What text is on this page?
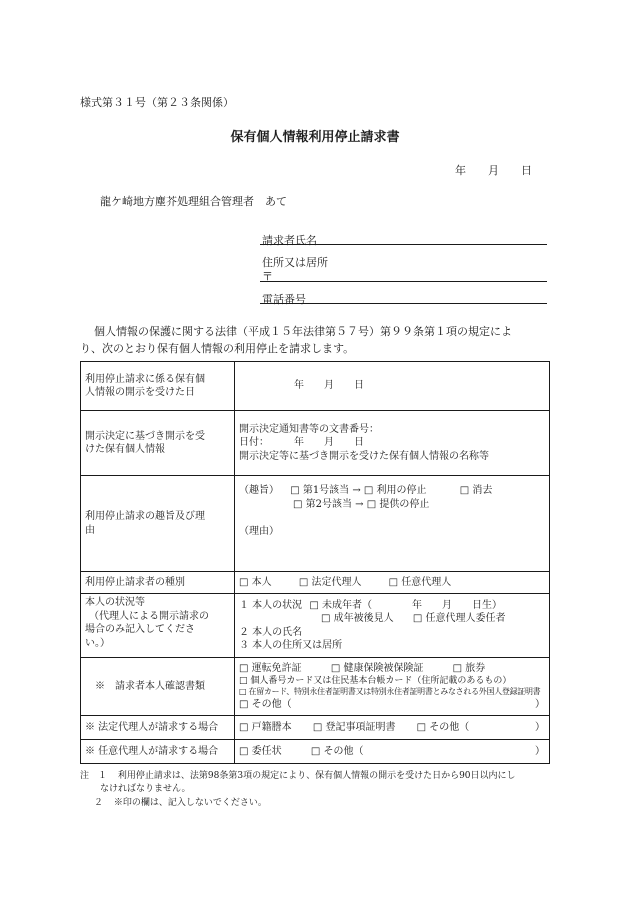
様式第３１号（第２３条関係）
保有個人情報利用停止請求書
年　　月　　日
龍ケ崎地方塵芥処理組合管理者　あて
請求者氏名
住所又は居所
〒
電話番号
個人情報の保護に関する法律（平成１５年法律第５７号）第９９条第１項の規定によ
り、次のとおり保有個人情報の利用停止を請求します。
利用停止請求に係る保有個
人情報の開示を受けた日	年　　月　　日

開示決定に基づき開示を受
けた保有個人情報	開示決定通知書等の文書番号：
日付：　　　年　　月　　日
開示決定等に基づき開示を受けた保有個人情報の名称等

利用停止請求の趣旨及び理
由	（趣旨） □ 第1号該当 → □ 利用の停止 □ 消去
□ 第2号該当 → □ 提供の停止
（理由）

利用停止請求者の種別	□ 本人 □ 法定代理人 □ 任意代理人

本人の状況等
（代理人による開示請求の
場合のみ記入してくださ
い。）	１ 本人の状況 □ 未成年者（　　　　年　　月　　日生）
□ 成年被後見人 □ 任意代理人委任者
２ 本人の氏名
３ 本人の住所又は居所

※　請求者本人確認書類	□ 運転免許証 □ 健康保険被保険証 □ 旅券
□ 個人番号カード又は住民基本台帳カード（住所記載のあるもの）
□ 在留カード、特別永住者証明書又は特別永住者証明書とみなされる外国人登録証明書
□ その他（ ）

※ 法定代理人が請求する場合	□ 戸籍謄本 □ 登記事項証明書 □ その他（ ）

※ 任意代理人が請求する場合	□ 委任状 □ その他（ ）
注　１ 利用停止請求は、法第98条第3項の規定により、保有個人情報の開示を受けた日から90日以内にし
なければなりません。
２ ※印の欄は、記入しないでください。
